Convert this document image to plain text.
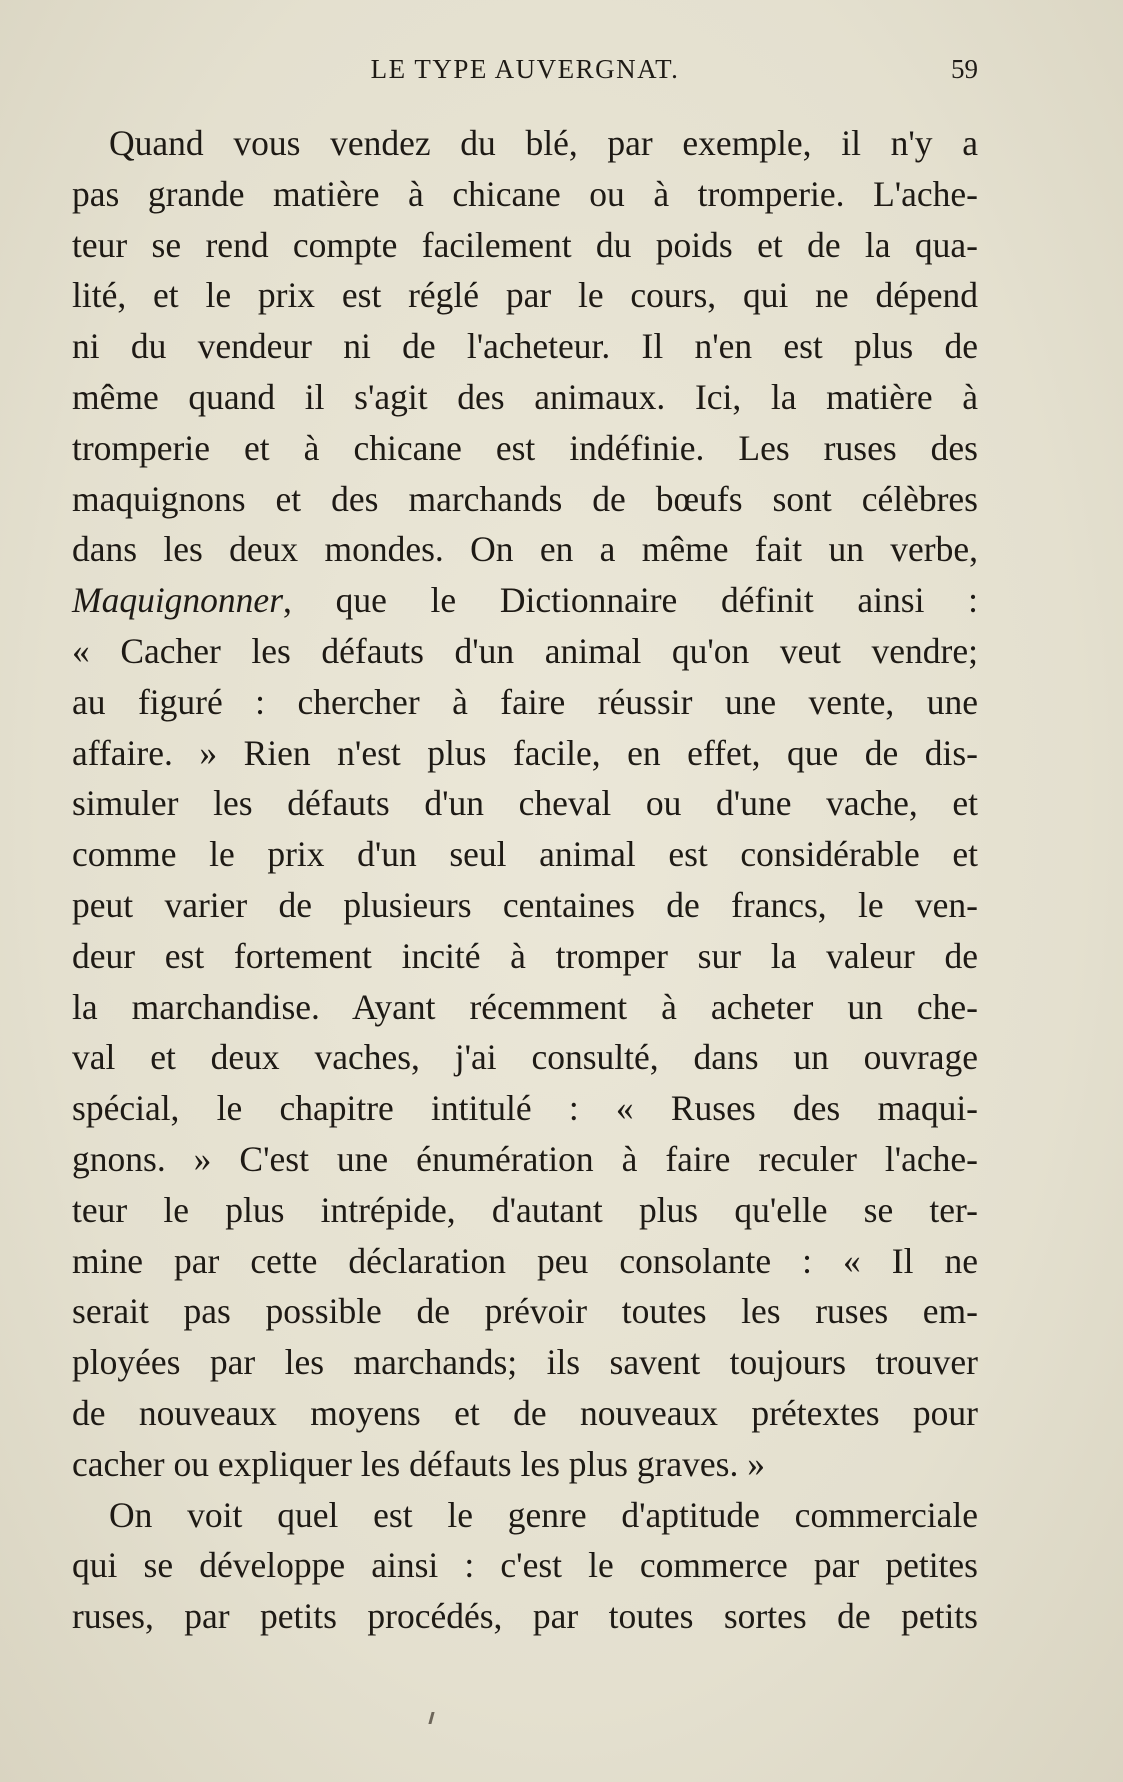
LE TYPE AUVERGNAT.	59

Quand vous vendez du blé, par exemple, il n'y a

pas grande matière à chicane ou à tromperie. L'ache-

teur se rend compte facilement du poids et de la qua-

lité, et le prix est réglé par le cours, qui ne dépend

ni du vendeur ni de l'acheteur. Il n'en est plus de

même quand il s'agit des animaux. Ici, la matière à

tromperie et à chicane est indéfinie. Les ruses des

maquignons et des marchands de bœufs sont célèbres

dans les deux mondes. On en a même fait un verbe,

Maquignonner, que le Dictionnaire définit ainsi :

« Cacher les défauts d'un animal qu'on veut vendre;

au figuré : chercher à faire réussir une vente, une

affaire. » Rien n'est plus facile, en effet, que de dis-

simuler les défauts d'un cheval ou d'une vache, et

comme le prix d'un seul animal est considérable et

peut varier de plusieurs centaines de francs, le ven-

deur est fortement incité à tromper sur la valeur de

la marchandise. Ayant récemment à acheter un che-

val et deux vaches, j'ai consulté, dans un ouvrage

spécial, le chapitre intitulé : « Ruses des maqui-

gnons. » C'est une énumération à faire reculer l'ache-

teur le plus intrépide, d'autant plus qu'elle se ter-

mine par cette déclaration peu consolante : « Il ne

serait pas possible de prévoir toutes les ruses em-

ployées par les marchands; ils savent toujours trouver

de nouveaux moyens et de nouveaux prétextes pour

cacher ou expliquer les défauts les plus graves. »

On voit quel est le genre d'aptitude commerciale

qui se développe ainsi : c'est le commerce par petites

ruses, par petits procédés, par toutes sortes de petits
